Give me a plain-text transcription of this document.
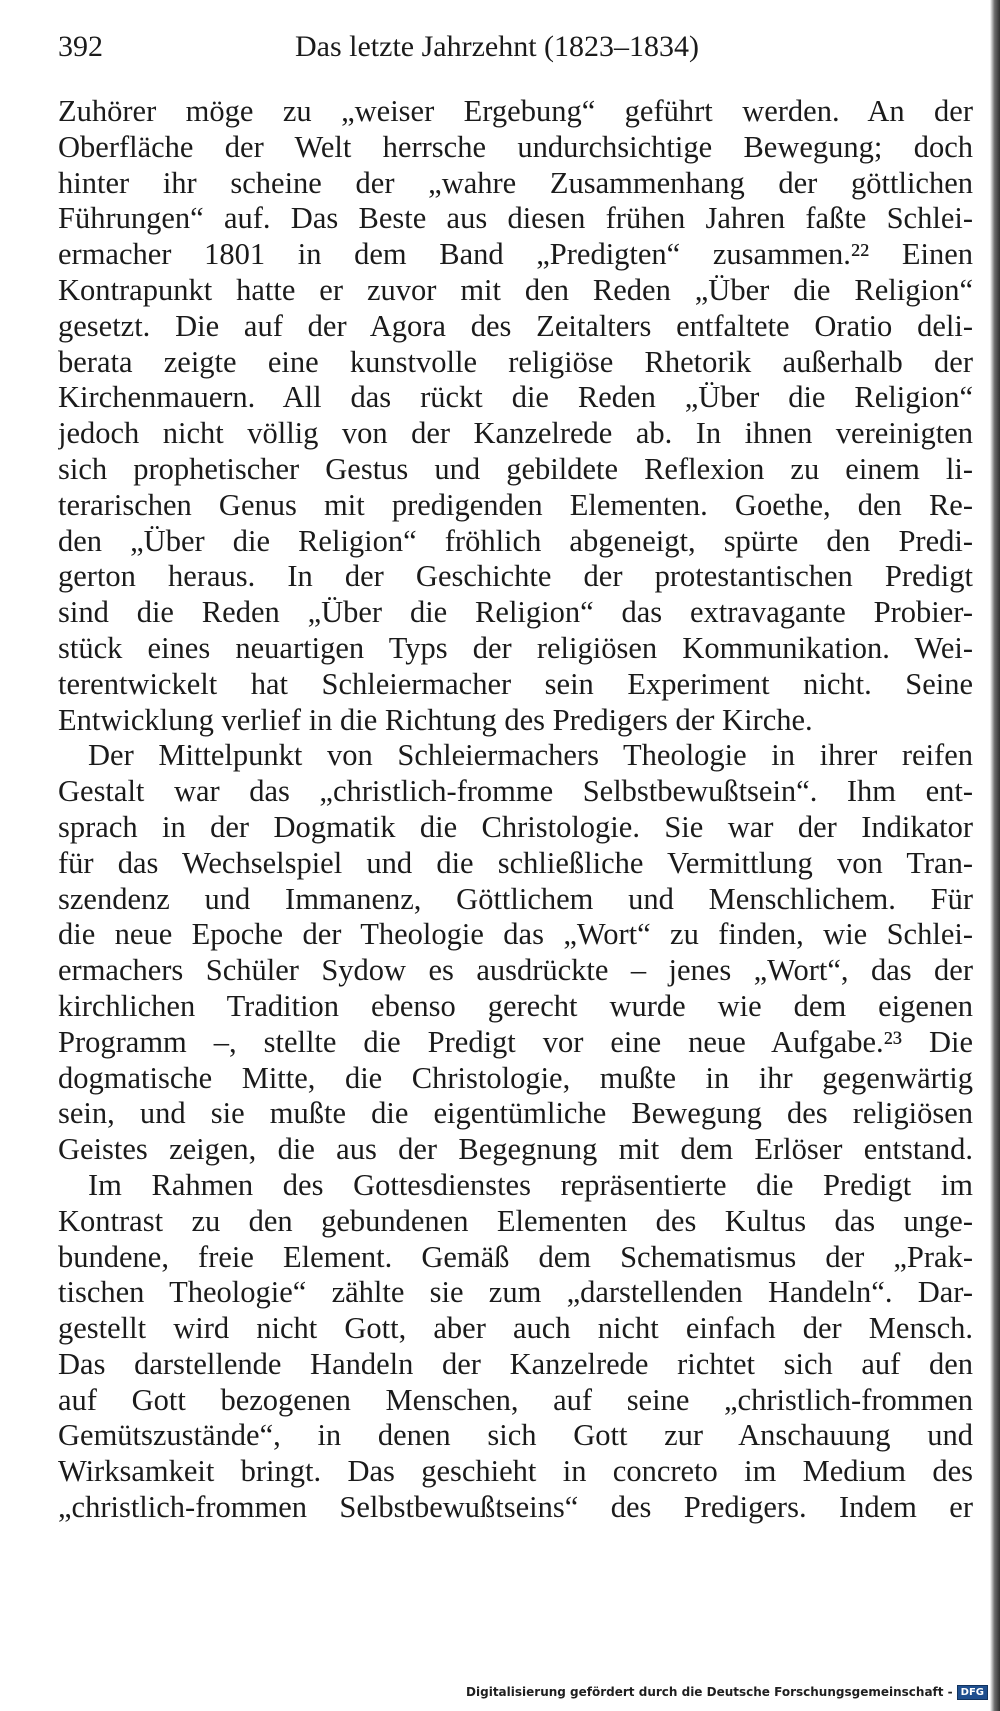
392	Das letzte Jahrzehnt (1823–1834)
Zuhörer möge zu „weiser Ergebung“ geführt werden. An der
Oberfläche der Welt herrsche undurchsichtige Bewegung; doch
hinter ihr scheine der „wahre Zusammenhang der göttlichen
Führungen“ auf. Das Beste aus diesen frühen Jahren faßte Schlei-
ermacher 1801 in dem Band „Predigten“ zusammen.²² Einen
Kontrapunkt hatte er zuvor mit den Reden „Über die Religion“
gesetzt. Die auf der Agora des Zeitalters entfaltete Oratio deli-
berata zeigte eine kunstvolle religiöse Rhetorik außerhalb der
Kirchenmauern. All das rückt die Reden „Über die Religion“
jedoch nicht völlig von der Kanzelrede ab. In ihnen vereinigten
sich prophetischer Gestus und gebildete Reflexion zu einem li-
terarischen Genus mit predigenden Elementen. Goethe, den Re-
den „Über die Religion“ fröhlich abgeneigt, spürte den Predi-
gerton heraus. In der Geschichte der protestantischen Predigt
sind die Reden „Über die Religion“ das extravagante Probier-
stück eines neuartigen Typs der religiösen Kommunikation. Wei-
terentwickelt hat Schleiermacher sein Experiment nicht. Seine
Entwicklung verlief in die Richtung des Predigers der Kirche.
Der Mittelpunkt von Schleiermachers Theologie in ihrer reifen
Gestalt war das „christlich-fromme Selbstbewußtsein“. Ihm ent-
sprach in der Dogmatik die Christologie. Sie war der Indikator
für das Wechselspiel und die schließliche Vermittlung von Tran-
szendenz und Immanenz, Göttlichem und Menschlichem. Für
die neue Epoche der Theologie das „Wort“ zu finden, wie Schlei-
ermachers Schüler Sydow es ausdrückte – jenes „Wort“, das der
kirchlichen Tradition ebenso gerecht wurde wie dem eigenen
Programm –, stellte die Predigt vor eine neue Aufgabe.²³ Die
dogmatische Mitte, die Christologie, mußte in ihr gegenwärtig
sein, und sie mußte die eigentümliche Bewegung des religiösen
Geistes zeigen, die aus der Begegnung mit dem Erlöser entstand.
Im Rahmen des Gottesdienstes repräsentierte die Predigt im
Kontrast zu den gebundenen Elementen des Kultus das unge-
bundene, freie Element. Gemäß dem Schematismus der „Prak-
tischen Theologie“ zählte sie zum „darstellenden Handeln“. Dar-
gestellt wird nicht Gott, aber auch nicht einfach der Mensch.
Das darstellende Handeln der Kanzelrede richtet sich auf den
auf Gott bezogenen Menschen, auf seine „christlich-frommen
Gemütszustände“, in denen sich Gott zur Anschauung und
Wirksamkeit bringt. Das geschieht in concreto im Medium des
„christlich-frommen Selbstbewußtseins“ des Predigers. Indem er
Digitalisierung gefördert durch die Deutsche Forschungsgemeinschaft - DFG
